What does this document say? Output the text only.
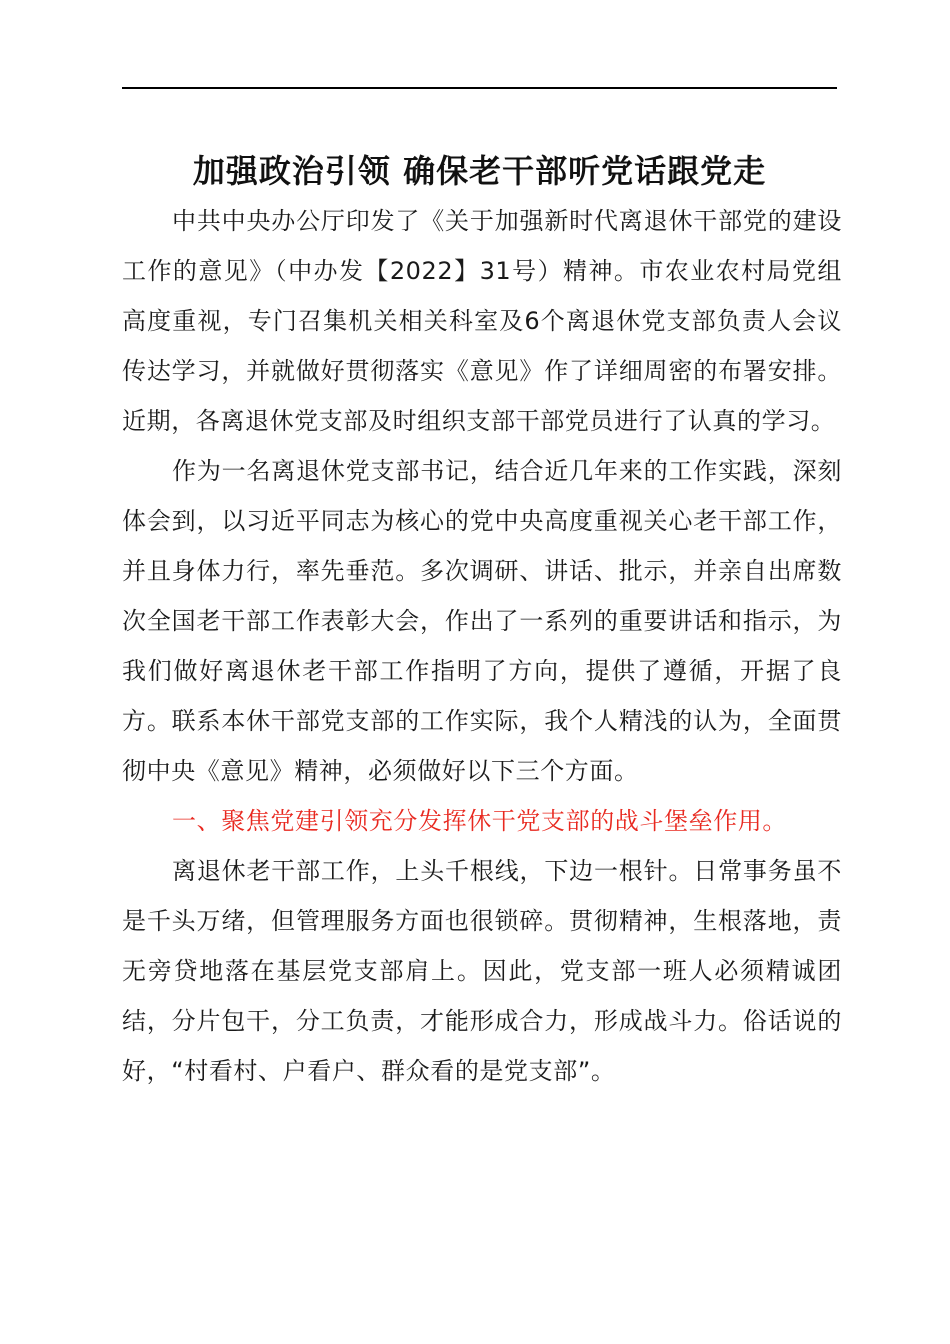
加强政治引领 确保老干部听党话跟党走

中共中央办公厅印发了《关于加强新时代离退休干部党的建设工作的意见》（中办发【2022】31号）精神。市农业农村局党组高度重视，专门召集机关相关科室及6个离退休党支部负责人会议传达学习，并就做好贯彻落实《意见》作了详细周密的布署安排。近期，各离退休党支部及时组织支部干部党员进行了认真的学习。

作为一名离退休党支部书记，结合近几年来的工作实践，深刻体会到，以习近平同志为核心的党中央高度重视关心老干部工作，并且身体力行，率先垂范。多次调研、讲话、批示，并亲自出席数次全国老干部工作表彰大会，作出了一系列的重要讲话和指示，为我们做好离退休老干部工作指明了方向，提供了遵循，开据了良方。联系本休干部党支部的工作实际，我个人精浅的认为，全面贯彻中央《意见》精神，必须做好以下三个方面。

一、聚焦党建引领充分发挥休干党支部的战斗堡垒作用。

离退休老干部工作，上头千根线，下边一根针。日常事务虽不是千头万绪，但管理服务方面也很锁碎。贯彻精神，生根落地，责无旁贷地落在基层党支部肩上。因此，党支部一班人必须精诚团结，分片包干，分工负责，才能形成合力，形成战斗力。俗话说的好，“村看村、户看户、群众看的是党支部”。
